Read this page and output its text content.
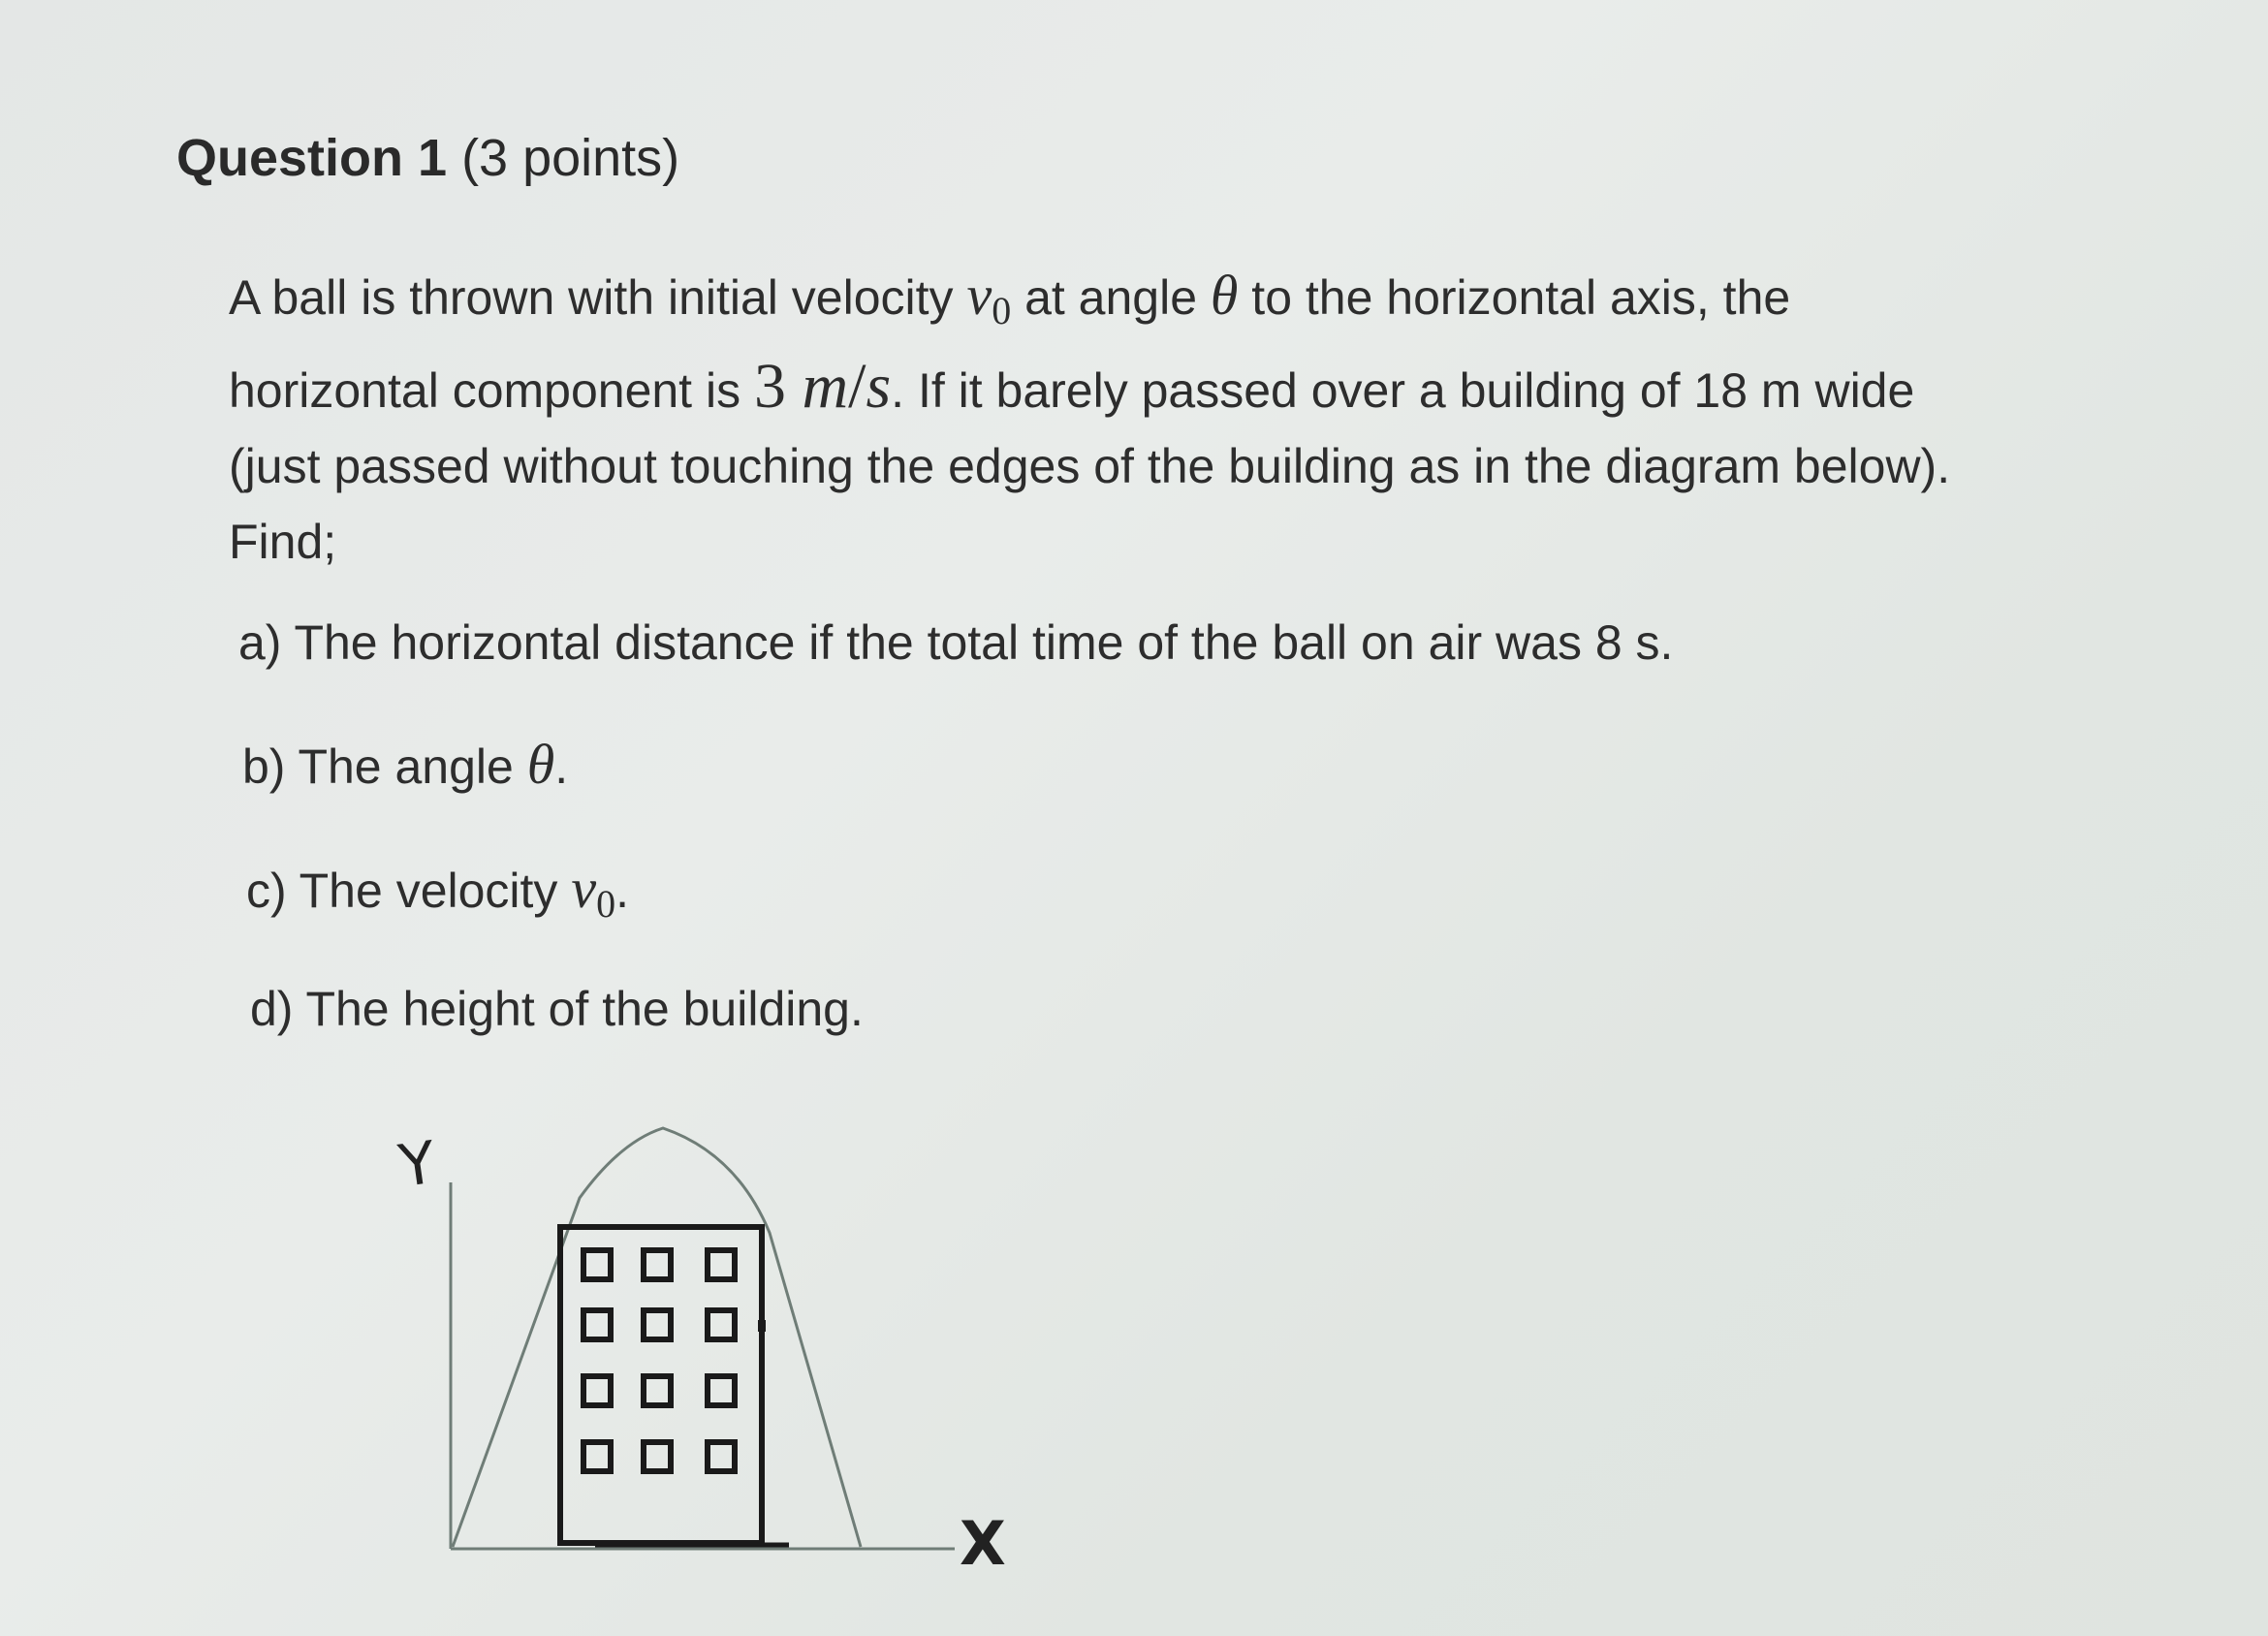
Question 1 (3 points)
A ball is thrown with initial velocity $v_0$ at angle θ to the horizontal axis, the
horizontal component is 3 m/s. If it barely passed over a building of 18 m wide
(just passed without touching the edges of the building as in the diagram below).
Find;
a) The horizontal distance if the total time of the ball on air was 8 s.
b) The angle θ.
c) The velocity $v_0$.
d) The height of the building.
Y
X
